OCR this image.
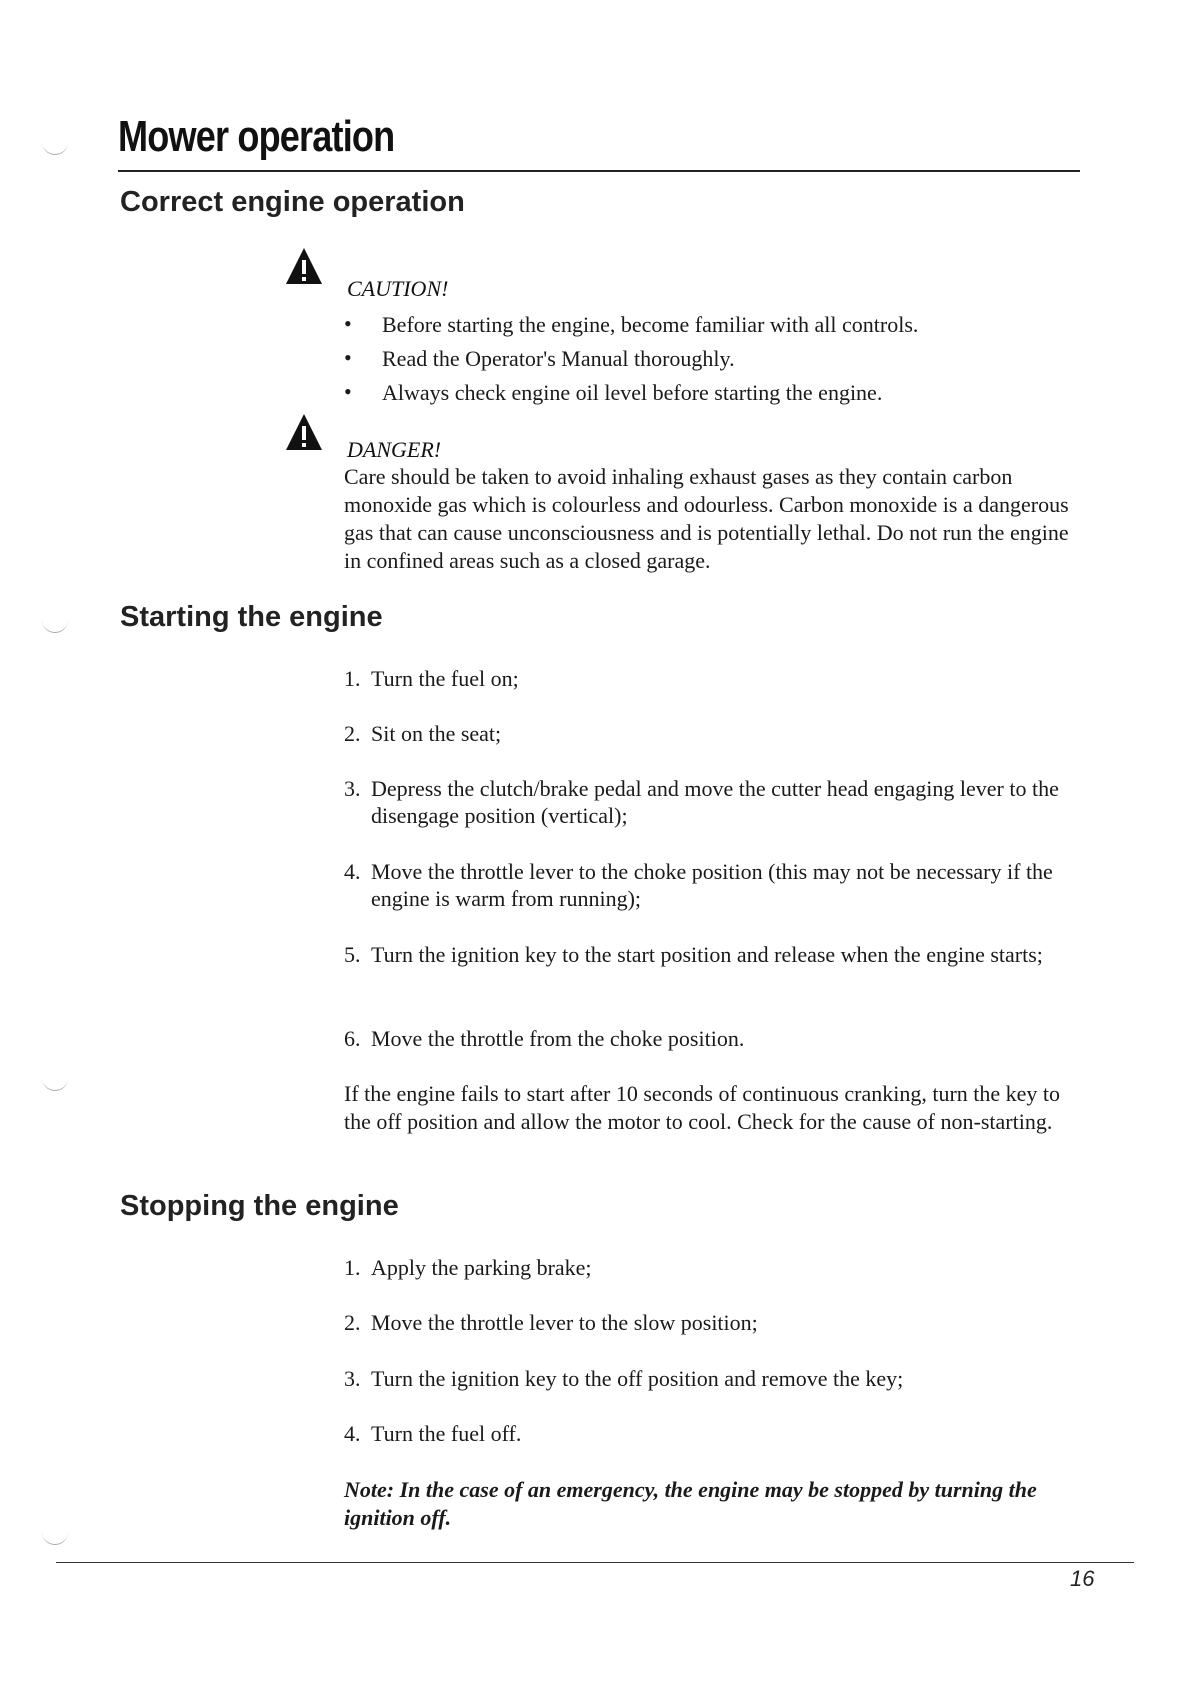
Mower operation
Correct engine operation
CAUTION!
• Before starting the engine, become familiar with all controls.
• Read the Operator's Manual thoroughly.
• Always check engine oil level before starting the engine.
DANGER!
Care should be taken to avoid inhaling exhaust gases as they contain carbon monoxide gas which is colourless and odourless. Carbon monoxide is a dangerous gas that can cause unconsciousness and is potentially lethal. Do not run the engine in confined areas such as a closed garage.
Starting the engine
1. Turn the fuel on;
2. Sit on the seat;
3. Depress the clutch/brake pedal and move the cutter head engaging lever to the disengage position (vertical);
4. Move the throttle lever to the choke position (this may not be necessary if the engine is warm from running);
5. Turn the ignition key to the start position and release when the engine starts;
6. Move the throttle from the choke position.
If the engine fails to start after 10 seconds of continuous cranking, turn the key to the off position and allow the motor to cool. Check for the cause of non-starting.
Stopping the engine
1. Apply the parking brake;
2. Move the throttle lever to the slow position;
3. Turn the ignition key to the off position and remove the key;
4. Turn the fuel off.
Note: In the case of an emergency, the engine may be stopped by turning the ignition off.
16
